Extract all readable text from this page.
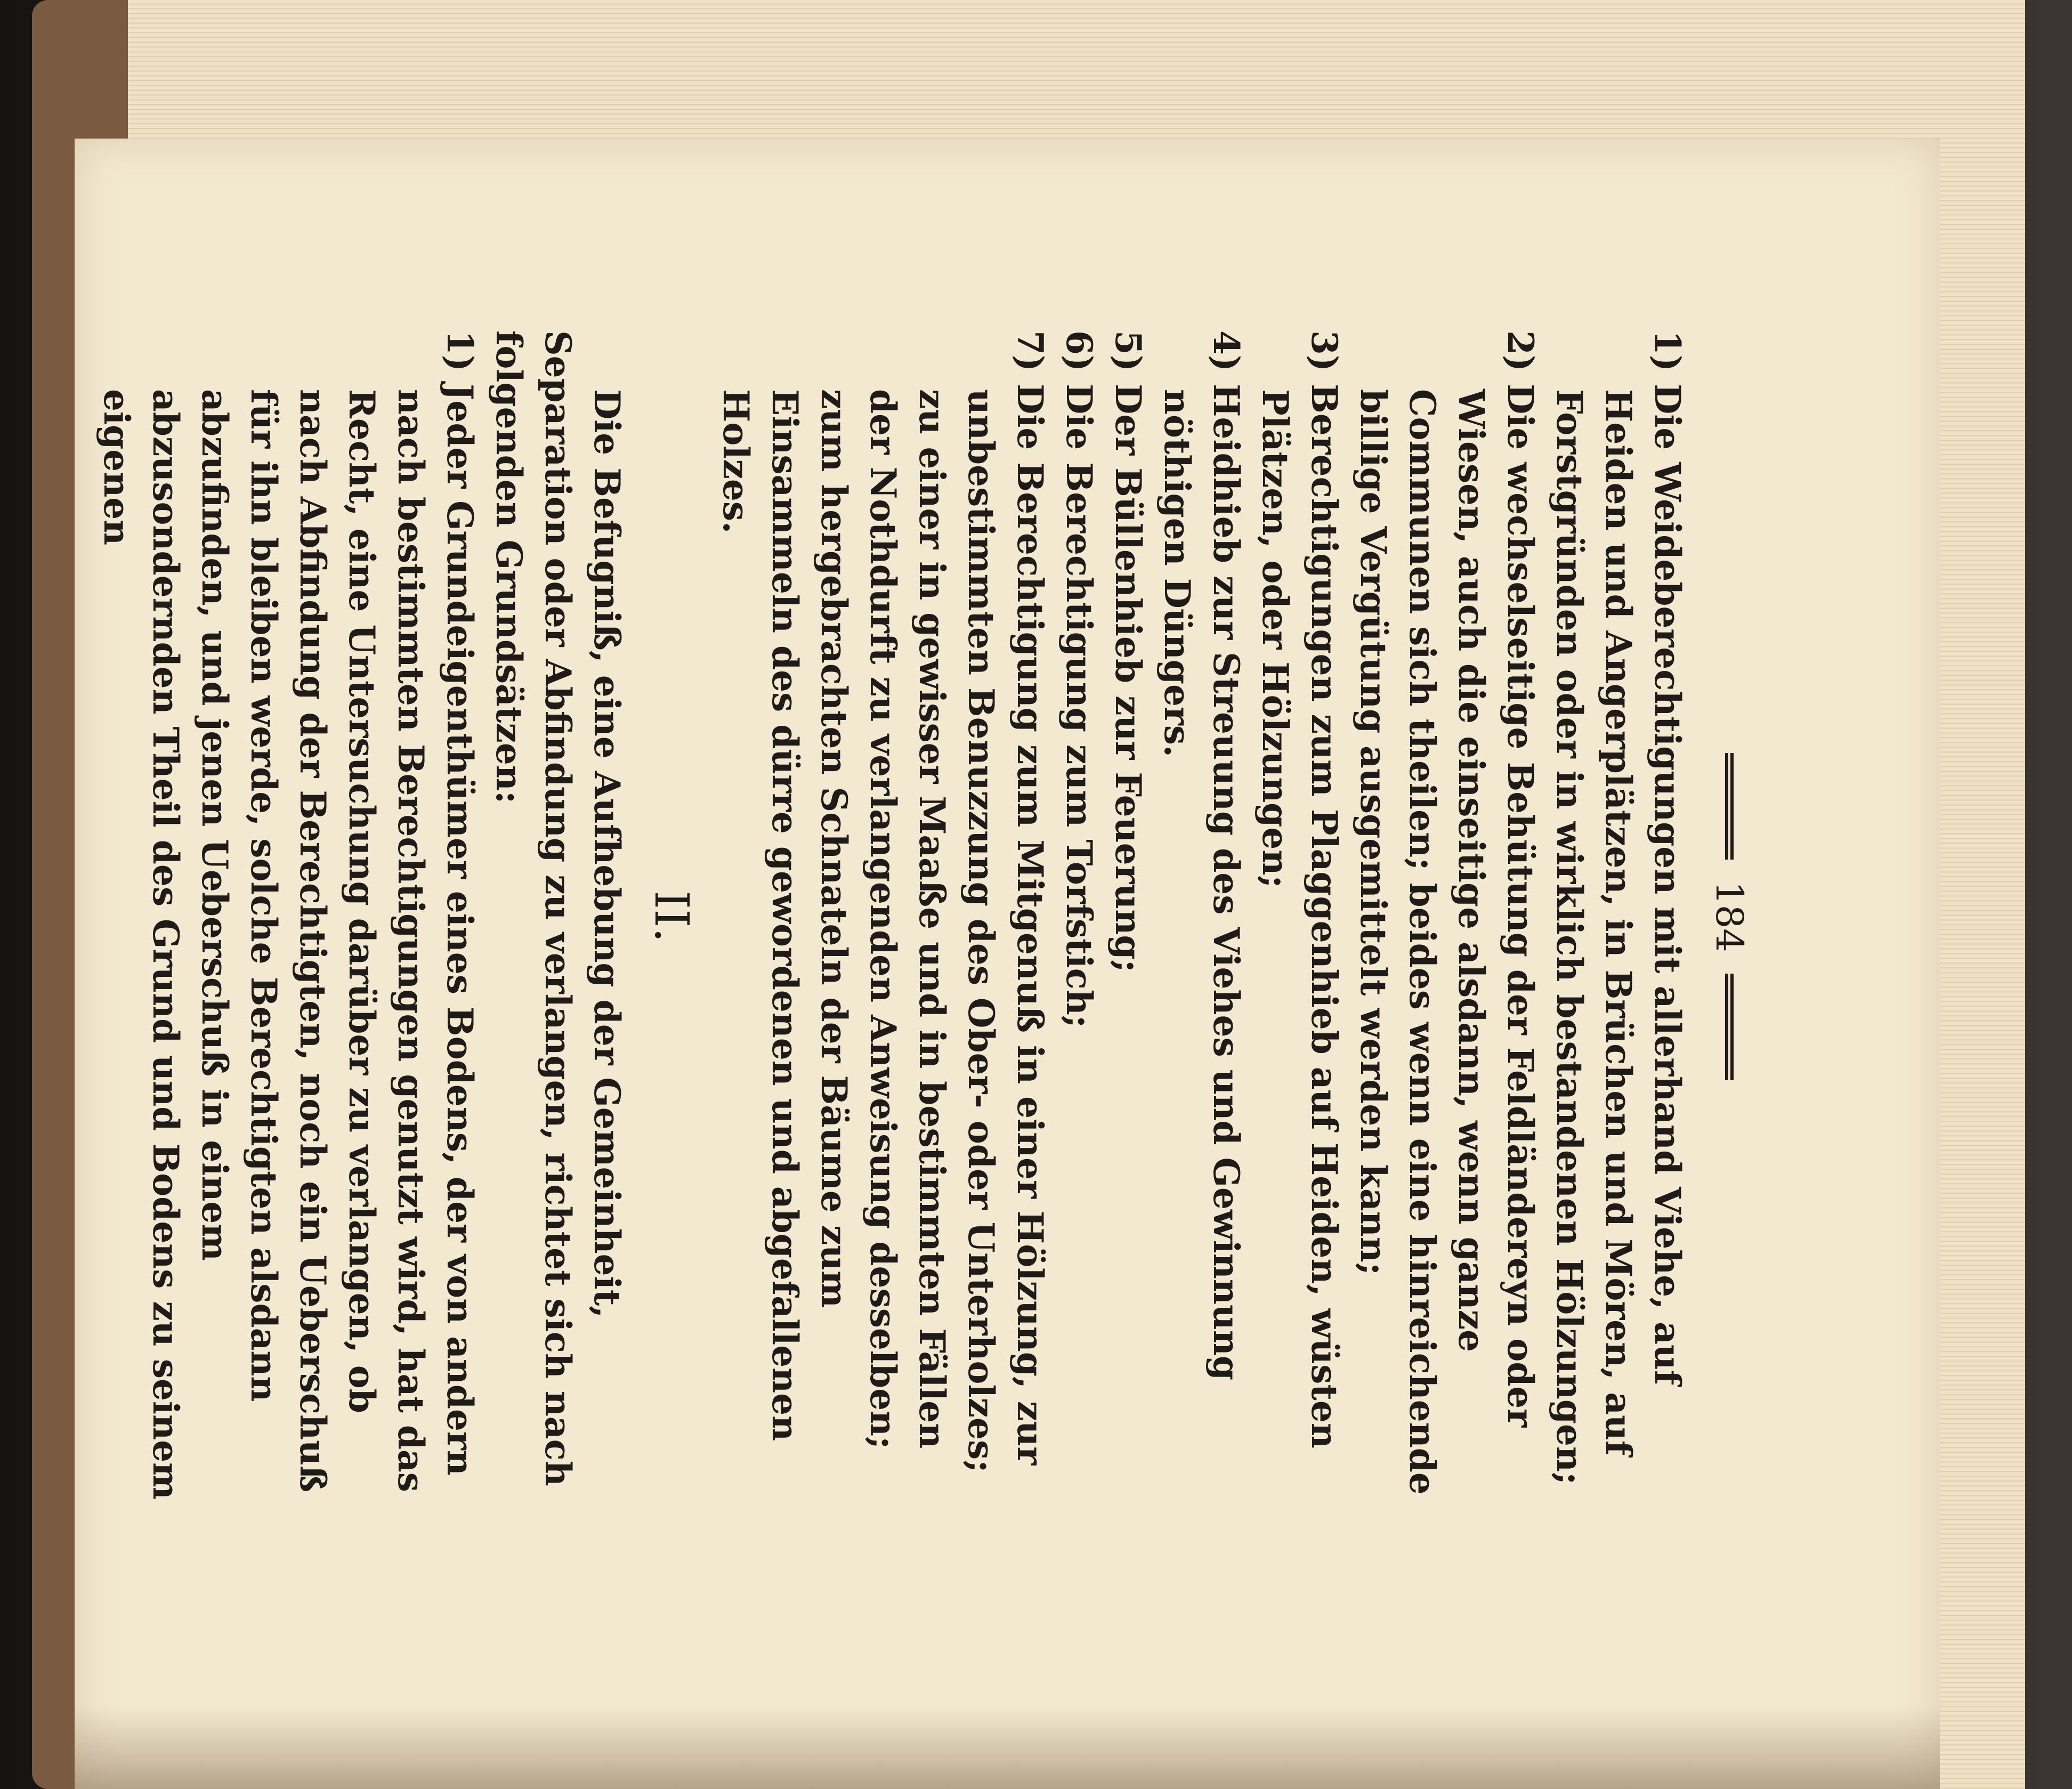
184

1) Die Weideberechtigungen mit allerhand Viehe, auf Heiden und Angerplätzen, in Brüchen und Mören, auf Forstgründen oder in wirklich bestandenen Hölzungen;

2) Die wechselseitige Behütung der Feldländereyn oder Wiesen, auch die einseitige alsdann, wenn ganze Communen sich theilen; beides wenn eine hinreichende billige Vergütung ausgemittelt werden kann;

3) Berechtigungen zum Plaggenhieb auf Heiden, wüsten Plätzen, oder Hölzungen;

4) Heidhieb zur Streuung des Viehes und Gewinnung nöthigen Düngers.

5) Der Büllenhieb zur Feuerung;

6) Die Berechtigung zum Torfstich;

7) Die Berechtigung zum Mitgenuß in einer Hölzung, zur unbestimmten Benuzzung des Ober- oder Unterholzes; zu einer in gewisser Maaße und in bestimmten Fällen der Nothdurft zu verlangenden Anweisung desselben; zum hergebrachten Schnateln der Bäume zum Einsammeln des dürre gewordenen und abgefallenen Holzes.

II.

Die Befugniß, eine Aufhebung der Gemeinheit, Separation oder Abfindung zu verlangen, richtet sich nach folgenden Grundsätzen:

1) Jeder Grundeigenthümer eines Bodens, der von andern nach bestimmten Berechtigungen genutzt wird, hat das Recht, eine Untersuchung darüber zu verlangen, ob nach Abfindung der Berechtigten, noch ein Ueberschuß für ihn bleiben werde, solche Berechtigten alsdann abzufinden, und jenen Ueberschuß in einem abzusondernden Theil des Grund und Bodens zu seinem eigenen
